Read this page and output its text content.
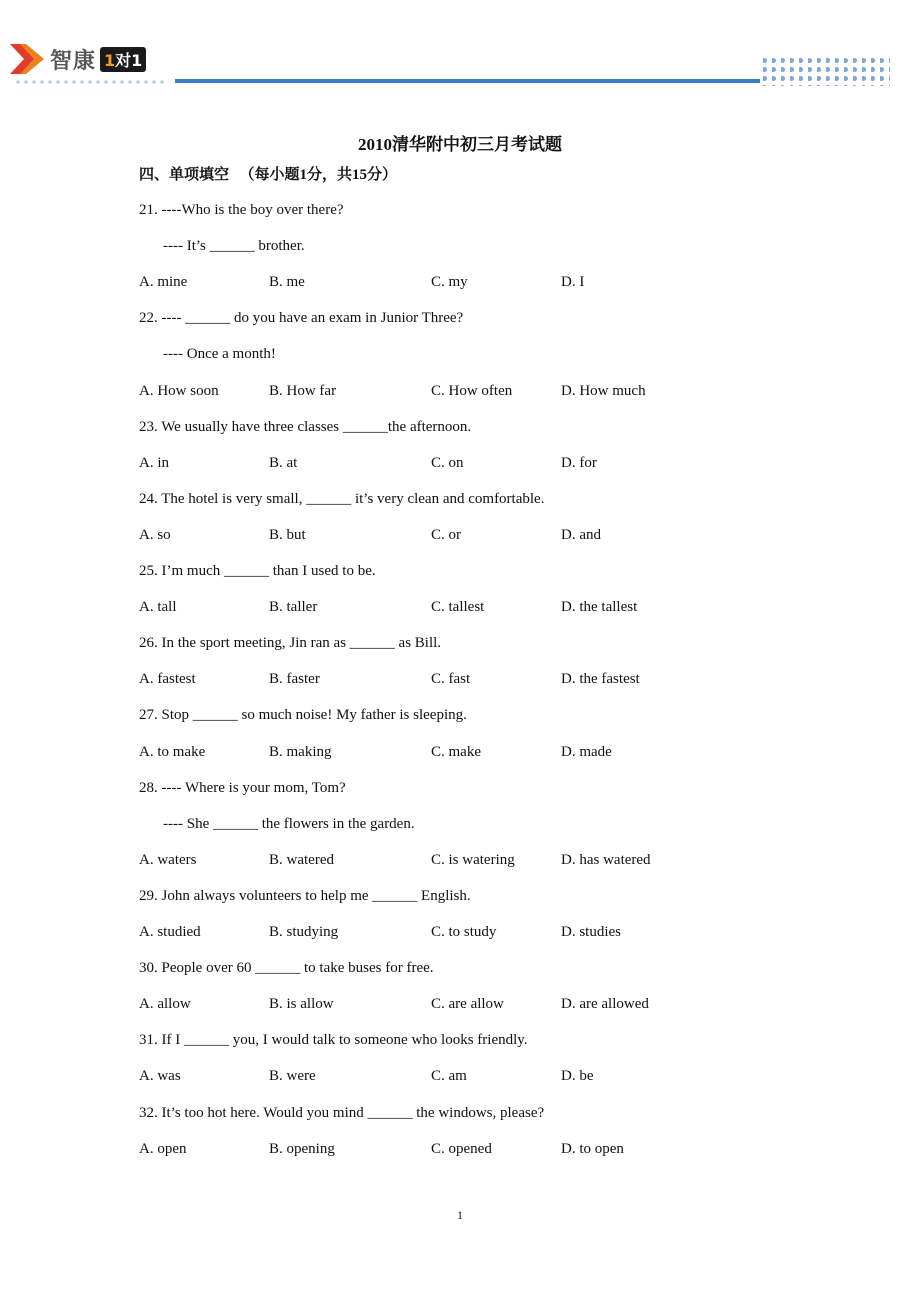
智康 1对1
2010清华附中初三月考试题
四、单项填空 （每小题1分，共15分）
21. ----Who is the boy over there?
---- It’s ______ brother.
A. mine	B. me	C. my	D. I
22. ---- ______ do you have an exam in Junior Three?
---- Once a month!
A. How soon	B. How far	C. How often	D. How much
23. We usually have three classes ______the afternoon.
A. in	B. at	C. on	D. for
24. The hotel is very small, ______ it’s very clean and comfortable.
A. so	B. but	C. or	D. and
25. I’m much ______ than I used to be.
A. tall	B. taller	C. tallest	D. the tallest
26. In the sport meeting, Jin ran as ______ as Bill.
A. fastest	B. faster	C. fast	D. the fastest
27. Stop ______ so much noise! My father is sleeping.
A. to make	B. making	C. make	D. made
28. ---- Where is your mom, Tom?
---- She ______ the flowers in the garden.
A. waters	B. watered	C. is watering	D. has watered
29. John always volunteers to help me ______ English.
A. studied	B. studying	C. to study	D. studies
30. People over 60 ______ to take buses for free.
A. allow	B. is allow	C. are allow	D. are allowed
31. If I ______ you, I would talk to someone who looks friendly.
A. was	B. were	C. am	D. be
32. It’s too hot here. Would you mind ______ the windows, please?
A. open	B. opening	C. opened	D. to open
1
